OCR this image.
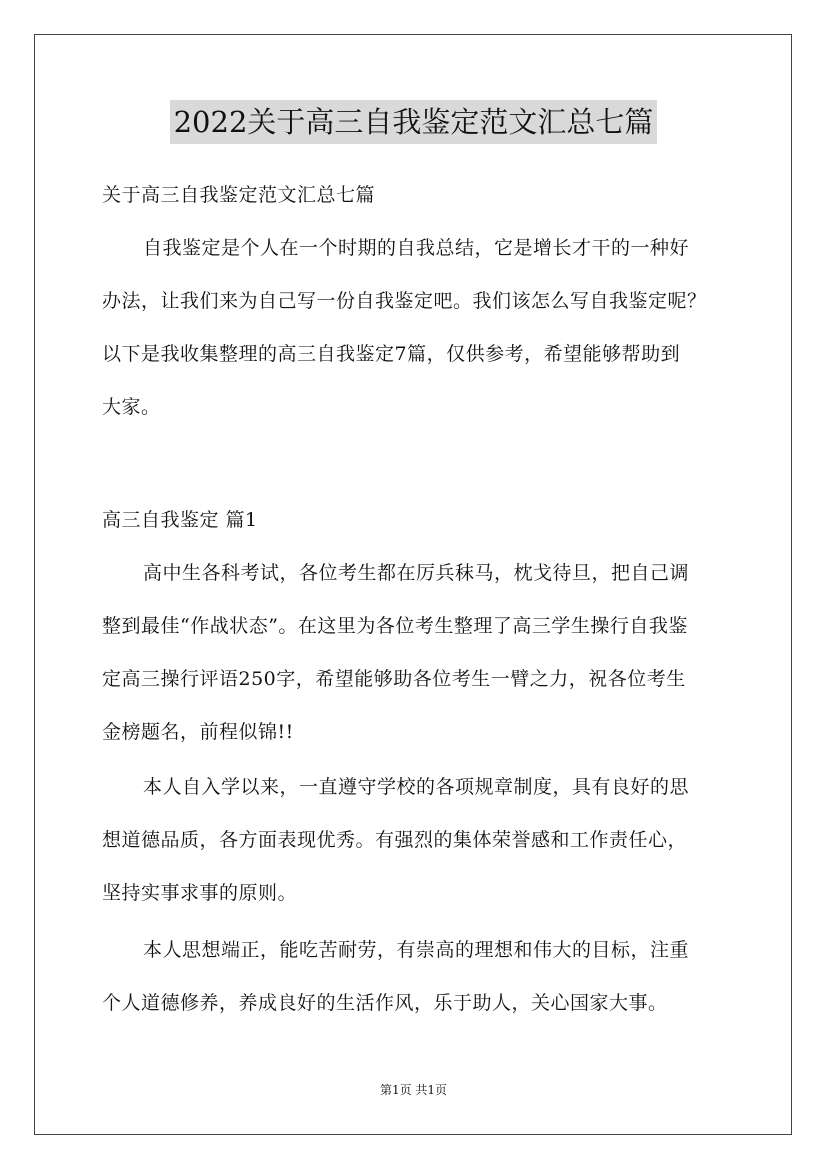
2022关于高三自我鉴定范文汇总七篇
关于高三自我鉴定范文汇总七篇
自我鉴定是个人在一个时期的自我总结，它是增长才干的一种好
办法，让我们来为自己写一份自我鉴定吧。我们该怎么写自我鉴定呢？
以下是我收集整理的高三自我鉴定7篇，仅供参考，希望能够帮助到
大家。
高三自我鉴定 篇1
高中生各科考试，各位考生都在厉兵秣马，枕戈待旦，把自己调
整到最佳“作战状态”。在这里为各位考生整理了高三学生操行自我鉴
定高三操行评语250字，希望能够助各位考生一臂之力，祝各位考生
金榜题名，前程似锦!!
本人自入学以来，一直遵守学校的各项规章制度，具有良好的思
想道德品质，各方面表现优秀。有强烈的集体荣誉感和工作责任心，
坚持实事求事的原则。
本人思想端正，能吃苦耐劳，有崇高的理想和伟大的目标，注重
个人道德修养，养成良好的生活作风，乐于助人，关心国家大事。
第1页 共1页
